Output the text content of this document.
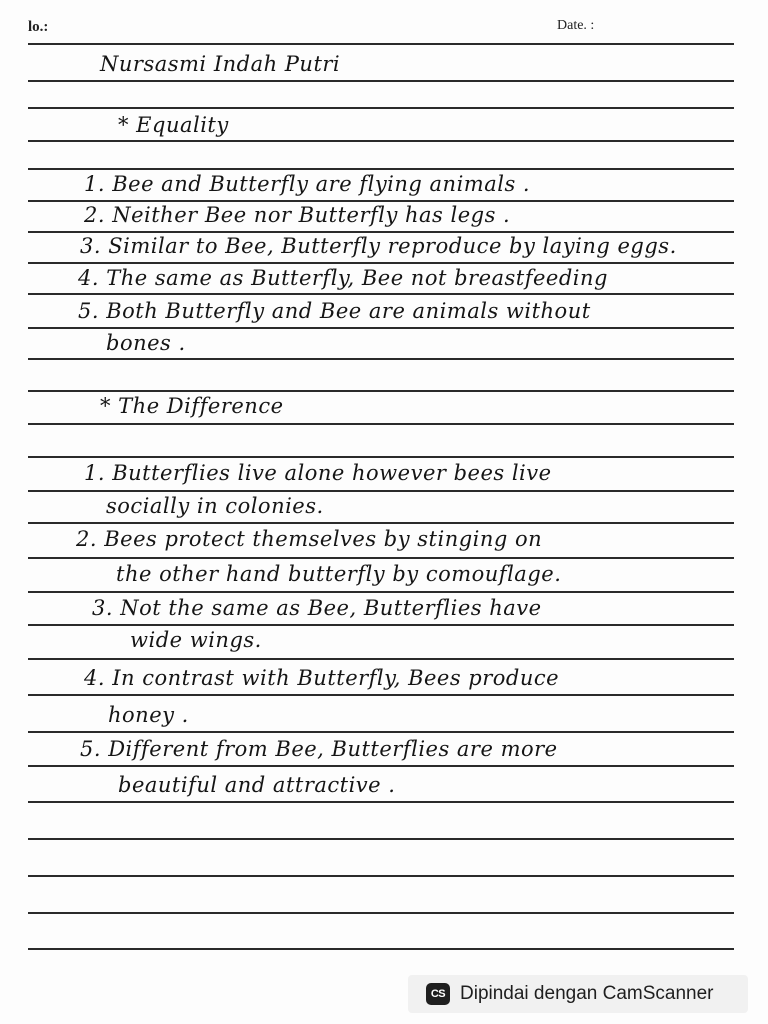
lo.:	Date. :
Nursasmi Indah Putri
* Equality
1. Bee and Butterfly are flying animals .
2. Neither Bee nor Butterfly has legs .
3. Similar to Bee, Butterfly reproduce by laying eggs.
4. The same as Butterfly, Bee not breastfeeding
5. Both Butterfly and Bee are animals without
bones .
* The Difference
1. Butterflies live alone however bees live
socially in colonies.
2. Bees protect themselves by stinging on
the other hand butterfly by comouflage.
3. Not the same as Bee, Butterflies have
wide wings.
4. In contrast with Butterfly, Bees produce
honey .
5. Different from Bee, Butterflies are more
beautiful and attractive .
CS Dipindai dengan CamScanner
